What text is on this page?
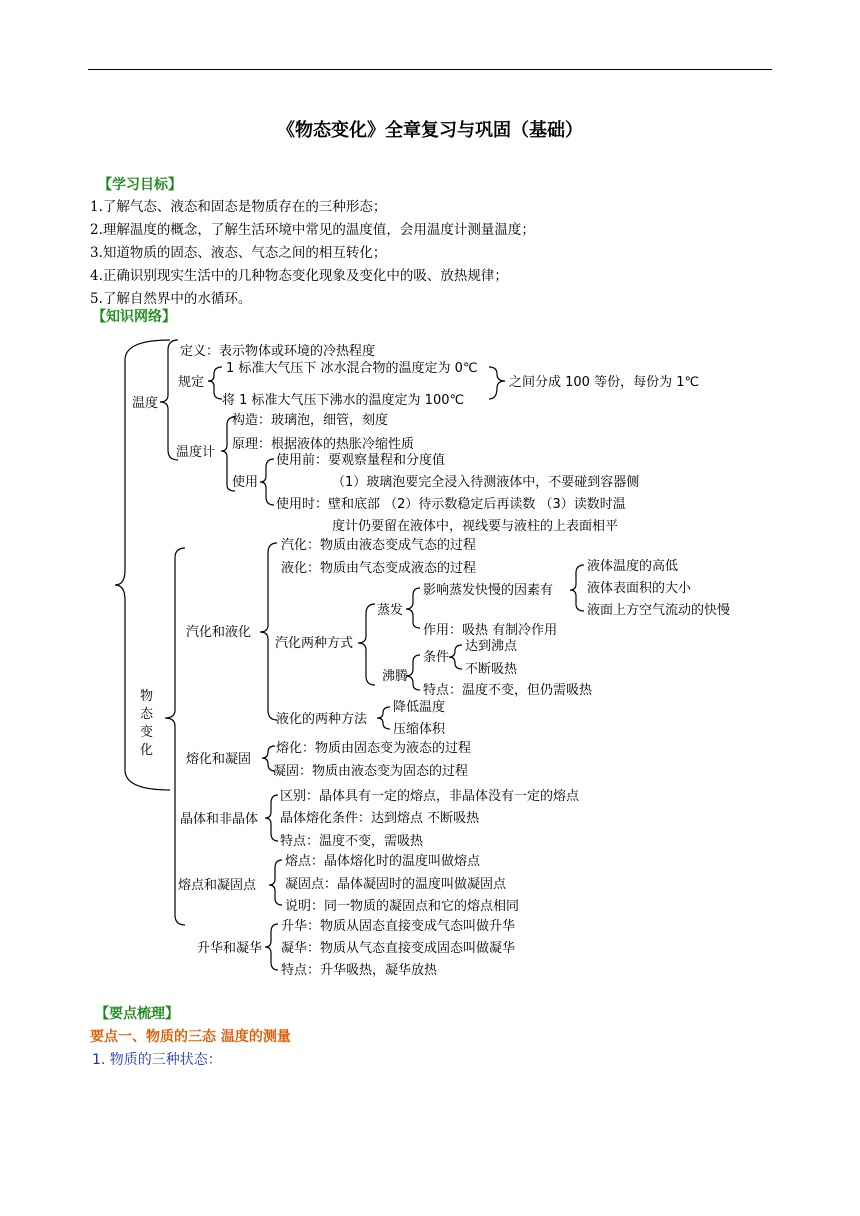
《物态变化》全章复习与巩固（基础）
【学习目标】
1.了解气态、液态和固态是物质存在的三种形态；
2.理解温度的概念，了解生活环境中常见的温度值，会用温度计测量温度；
3.知道物质的固态、液态、气态之间的相互转化；
4.正确识别现实生活中的几种物态变化现象及变化中的吸、放热规律；
5.了解自然界中的水循环。
【知识网络】
温度
定义：表示物体或环境的冷热程度
规定
1 标准大气压下 冰水混合物的温度定为 0℃
将 1 标准大气压下沸水的温度定为 100℃
之间分成 100 等份，每份为 1℃
温度计
构造：玻璃泡，细管，刻度
原理：根据液体的热胀冷缩性质
使用
使用前：要观察量程和分度值
（1）玻璃泡要完全浸入待测液体中，不要碰到容器侧
使用时：壁和底部 （2）待示数稳定后再读数 （3）读数时温
度计仍要留在液体中，视线要与液柱的上表面相平
物 态 变 化
汽化和液化
汽化：物质由液态变成气态的过程
液化：物质由气态变成液态的过程
汽化两种方式
蒸发
影响蒸发快慢的因素有
液体温度的高低
液体表面积的大小
液面上方空气流动的快慢
作用：吸热 有制冷作用
沸腾
条件
达到沸点
不断吸热
特点：温度不变，但仍需吸热
液化的两种方法
降低温度
压缩体积
熔化和凝固
熔化：物质由固态变为液态的过程
凝固：物质由液态变为固态的过程
晶体和非晶体
区别：晶体具有一定的熔点，非晶体没有一定的熔点
晶体熔化条件：达到熔点 不断吸热
特点：温度不变，需吸热
熔点和凝固点
熔点：晶体熔化时的温度叫做熔点
凝固点：晶体凝固时的温度叫做凝固点
说明：同一物质的凝固点和它的熔点相同
升华和凝华
升华：物质从固态直接变成气态叫做升华
凝华：物质从气态直接变成固态叫做凝华
特点：升华吸热，凝华放热
【要点梳理】
要点一、物质的三态 温度的测量
1. 物质的三种状态：
